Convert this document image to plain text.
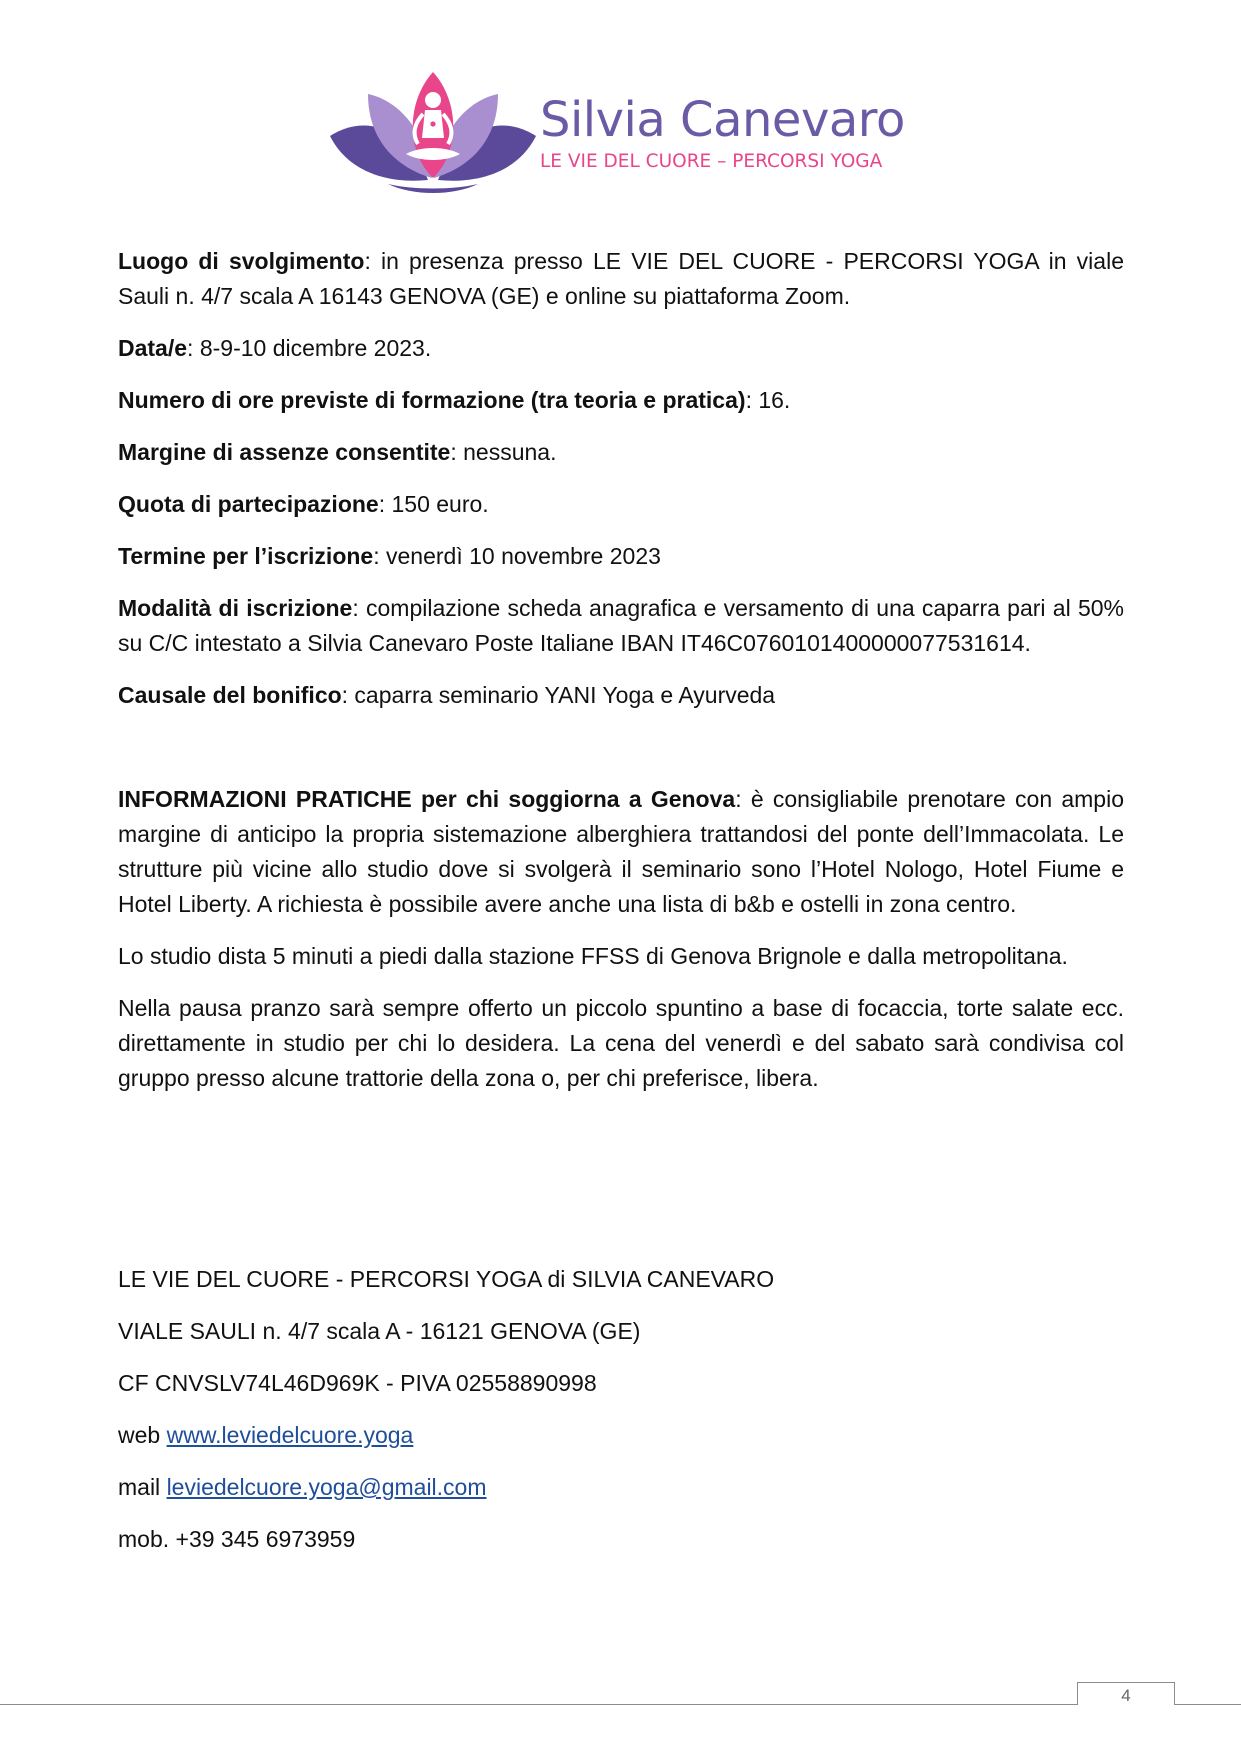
Silvia Canevaro
LE VIE DEL CUORE – PERCORSI YOGA

Luogo di svolgimento: in presenza presso LE VIE DEL CUORE - PERCORSI YOGA in viale Sauli n. 4/7 scala A 16143 GENOVA (GE) e online su piattaforma Zoom.

Data/e: 8-9-10 dicembre 2023.

Numero di ore previste di formazione (tra teoria e pratica): 16.

Margine di assenze consentite: nessuna.

Quota di partecipazione: 150 euro.

Termine per l’iscrizione: venerdì 10 novembre 2023

Modalità di iscrizione: compilazione scheda anagrafica e versamento di una caparra pari al 50% su C/C intestato a Silvia Canevaro Poste Italiane IBAN IT46C0760101400000077531614.

Causale del bonifico: caparra seminario YANI Yoga e Ayurveda

INFORMAZIONI PRATICHE per chi soggiorna a Genova: è consigliabile prenotare con ampio margine di anticipo la propria sistemazione alberghiera trattandosi del ponte dell’Immacolata. Le strutture più vicine allo studio dove si svolgerà il seminario sono l’Hotel Nologo, Hotel Fiume e Hotel Liberty. A richiesta è possibile avere anche una lista di b&b e ostelli in zona centro.

Lo studio dista 5 minuti a piedi dalla stazione FFSS di Genova Brignole e dalla metropolitana.

Nella pausa pranzo sarà sempre offerto un piccolo spuntino a base di focaccia, torte salate ecc. direttamente in studio per chi lo desidera. La cena del venerdì e del sabato sarà condivisa col gruppo presso alcune trattorie della zona o, per chi preferisce, libera.

LE VIE DEL CUORE - PERCORSI YOGA di SILVIA CANEVARO

VIALE SAULI n. 4/7 scala A - 16121 GENOVA (GE)

CF CNVSLV74L46D969K - PIVA 02558890998

web www.leviedelcuore.yoga

mail leviedelcuore.yoga@gmail.com

mob. +39 345 6973959

4
